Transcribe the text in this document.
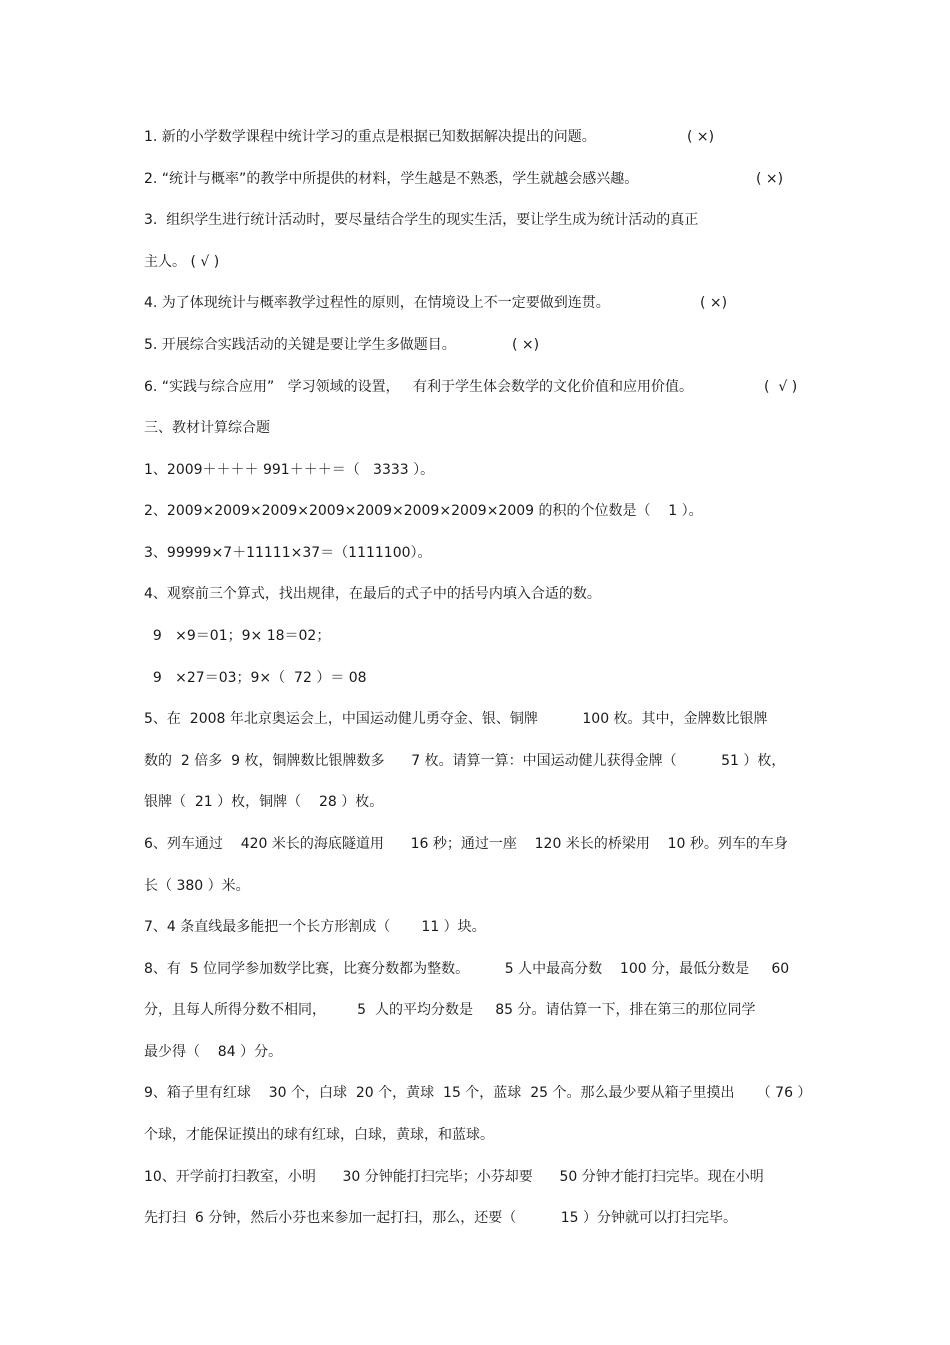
1. 新的小学数学课程中统计学习的重点是根据已知数据解决提出的问题。	( ×)
2. “统计与概率”的教学中所提供的材料，学生越是不熟悉，学生就越会感兴趣。	( ×)
3.  组织学生进行统计活动时，要尽量结合学生的现实生活，要让学生成为统计活动的真正
主人。 ( √ )
4. 为了体现统计与概率教学过程性的原则，在情境设上不一定要做到连贯。	( ×)
5. 开展综合实践活动的关键是要让学生多做题目。	( ×)
6. “实践与综合应用”   学习领域的设置，   有利于学生体会数学的文化价值和应用价值。	(  √ )
三、教材计算综合题
1、2009＋＋＋＋ 991＋＋＋＝（   3333 ）。
2、2009×2009×2009×2009×2009×2009×2009×2009 的积的个位数是（    1 ）。
3、99999×7＋11111×37＝（1111100）。
4、观察前三个算式，找出规律，在最后的式子中的括号内填入合适的数。
9   ×9＝01；9× 18＝02；
9   ×27＝03；9×（  72 ）＝ 08
5、在  2008 年北京奥运会上，中国运动健儿勇夺金、银、铜牌          100 枚。其中，金牌数比银牌
数的  2 倍多  9 枚，铜牌数比银牌数多      7 枚。请算一算：中国运动健儿获得金牌（          51 ）枚，
银牌（  21 ）枚，铜牌（    28 ）枚。
6、列车通过    420 米长的海底隧道用      16 秒；通过一座    120 米长的桥梁用    10 秒。列车的车身
长（ 380 ）米。
7、4 条直线最多能把一个长方形割成（       11 ）块。
8、有  5 位同学参加数学比赛，比赛分数都为整数。        5 人中最高分数    100 分，最低分数是     60
分，且每人所得分数不相同，       5  人的平均分数是     85 分。请估算一下，排在第三的那位同学
最少得（    84 ）分。
9、箱子里有红球    30 个，白球  20 个，黄球  15 个，蓝球  25 个。那么最少要从箱子里摸出     （ 76 ）
个球，才能保证摸出的球有红球，白球，黄球，和蓝球。
10、开学前打扫教室，小明      30 分钟能打扫完毕；小芬却要      50 分钟才能打扫完毕。现在小明
先打扫  6 分钟，然后小芬也来参加一起打扫，那么，还要（          15 ）分钟就可以打扫完毕。
